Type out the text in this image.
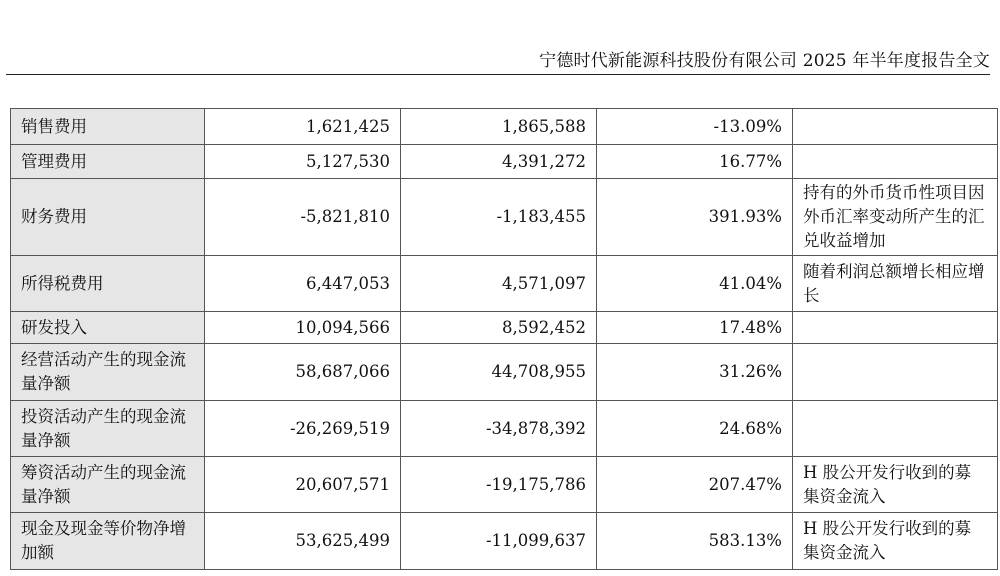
宁德时代新能源科技股份有限公司 2025 年半年度报告全文
销售费用	1,621,425	1,865,588	-13.09%	
管理费用	5,127,530	4,391,272	16.77%	
财务费用	-5,821,810	-1,183,455	391.93%	持有的外币货币性项目因外币汇率变动所产生的汇兑收益增加
所得税费用	6,447,053	4,571,097	41.04%	随着利润总额增长相应增长
研发投入	10,094,566	8,592,452	17.48%	
经营活动产生的现金流量净额	58,687,066	44,708,955	31.26%	
投资活动产生的现金流量净额	-26,269,519	-34,878,392	24.68%	
筹资活动产生的现金流量净额	20,607,571	-19,175,786	207.47%	H 股公开发行收到的募集资金流入
现金及现金等价物净增加额	53,625,499	-11,099,637	583.13%	H 股公开发行收到的募集资金流入
